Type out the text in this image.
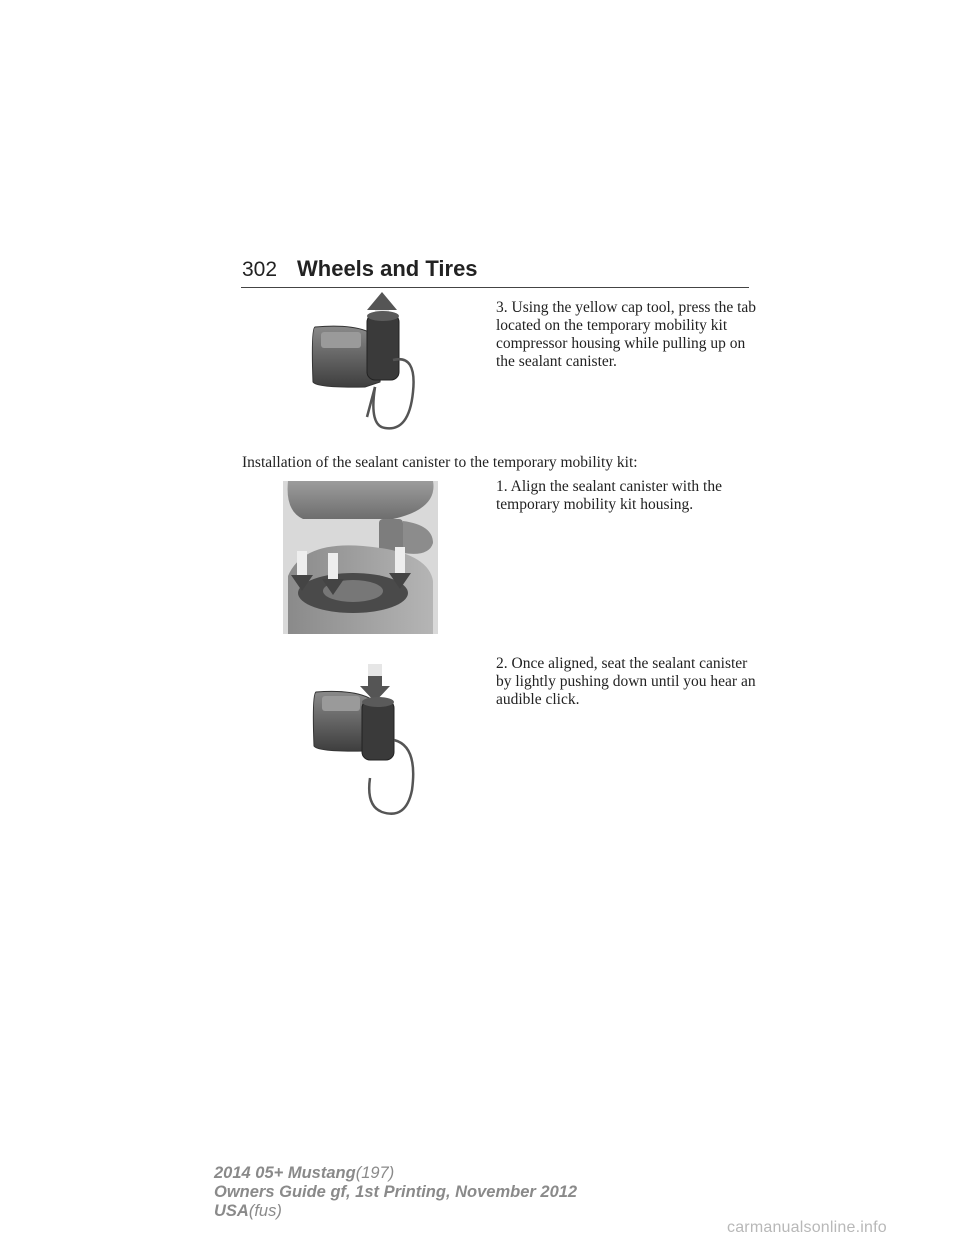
302 Wheels and Tires
3. Using the yellow cap tool, press the tab located on the temporary mobility kit compressor housing while pulling up on the sealant canister.
Installation of the sealant canister to the temporary mobility kit:
1. Align the sealant canister with the temporary mobility kit housing.
2. Once aligned, seat the sealant canister by lightly pushing down until you hear an audible click.
2014 05+ Mustang(197)
Owners Guide gf, 1st Printing, November 2012
USA(fus)
carmanualsonline.info
